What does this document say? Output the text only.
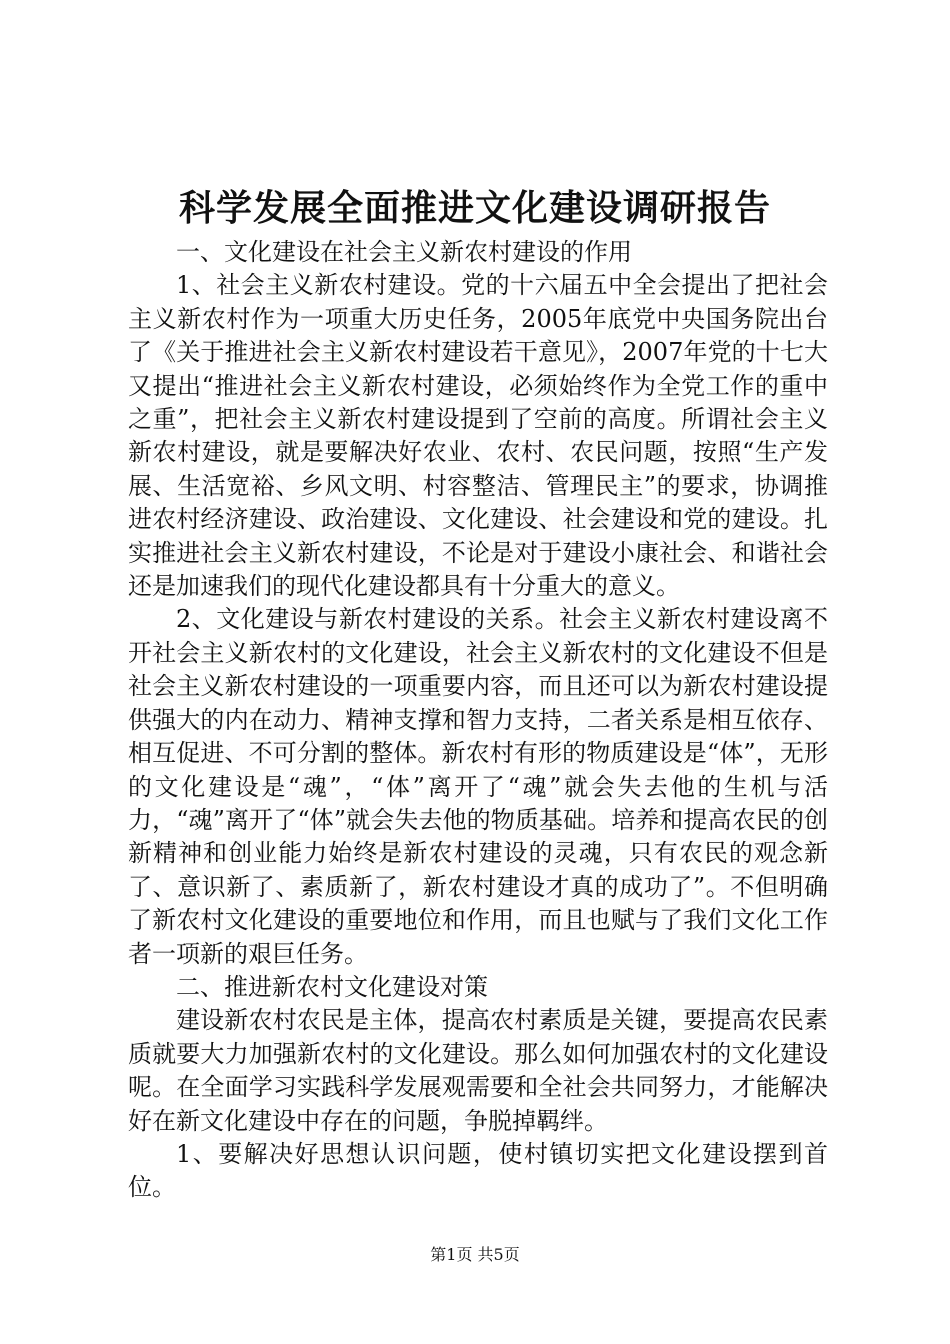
科学发展全面推进文化建设调研报告

一、文化建设在社会主义新农村建设的作用

1、社会主义新农村建设。党的十六届五中全会提出了把社会主义新农村作为一项重大历史任务，2005年底党中央国务院出台了《关于推进社会主义新农村建设若干意见》，2007年党的十七大又提出“推进社会主义新农村建设，必须始终作为全党工作的重中之重”，把社会主义新农村建设提到了空前的高度。所谓社会主义新农村建设，就是要解决好农业、农村、农民问题，按照“生产发展、生活宽裕、乡风文明、村容整洁、管理民主”的要求，协调推进农村经济建设、政治建设、文化建设、社会建设和党的建设。扎实推进社会主义新农村建设，不论是对于建设小康社会、和谐社会还是加速我们的现代化建设都具有十分重大的意义。

2、文化建设与新农村建设的关系。社会主义新农村建设离不开社会主义新农村的文化建设，社会主义新农村的文化建设不但是社会主义新农村建设的一项重要内容，而且还可以为新农村建设提供强大的内在动力、精神支撑和智力支持，二者关系是相互依存、相互促进、不可分割的整体。新农村有形的物质建设是“体”，无形的文化建设是“魂”，“体”离开了“魂”就会失去他的生机与活力，“魂”离开了“体”就会失去他的物质基础。培养和提高农民的创新精神和创业能力始终是新农村建设的灵魂，只有农民的观念新了、意识新了、素质新了，新农村建设才真的成功了”。不但明确了新农村文化建设的重要地位和作用，而且也赋与了我们文化工作者一项新的艰巨任务。

二、推进新农村文化建设对策

建设新农村农民是主体，提高农村素质是关键，要提高农民素质就要大力加强新农村的文化建设。那么如何加强农村的文化建设呢。在全面学习实践科学发展观需要和全社会共同努力，才能解决好在新文化建设中存在的问题，争脱掉羁绊。

1、要解决好思想认识问题，使村镇切实把文化建设摆到首位。

第1页 共5页
